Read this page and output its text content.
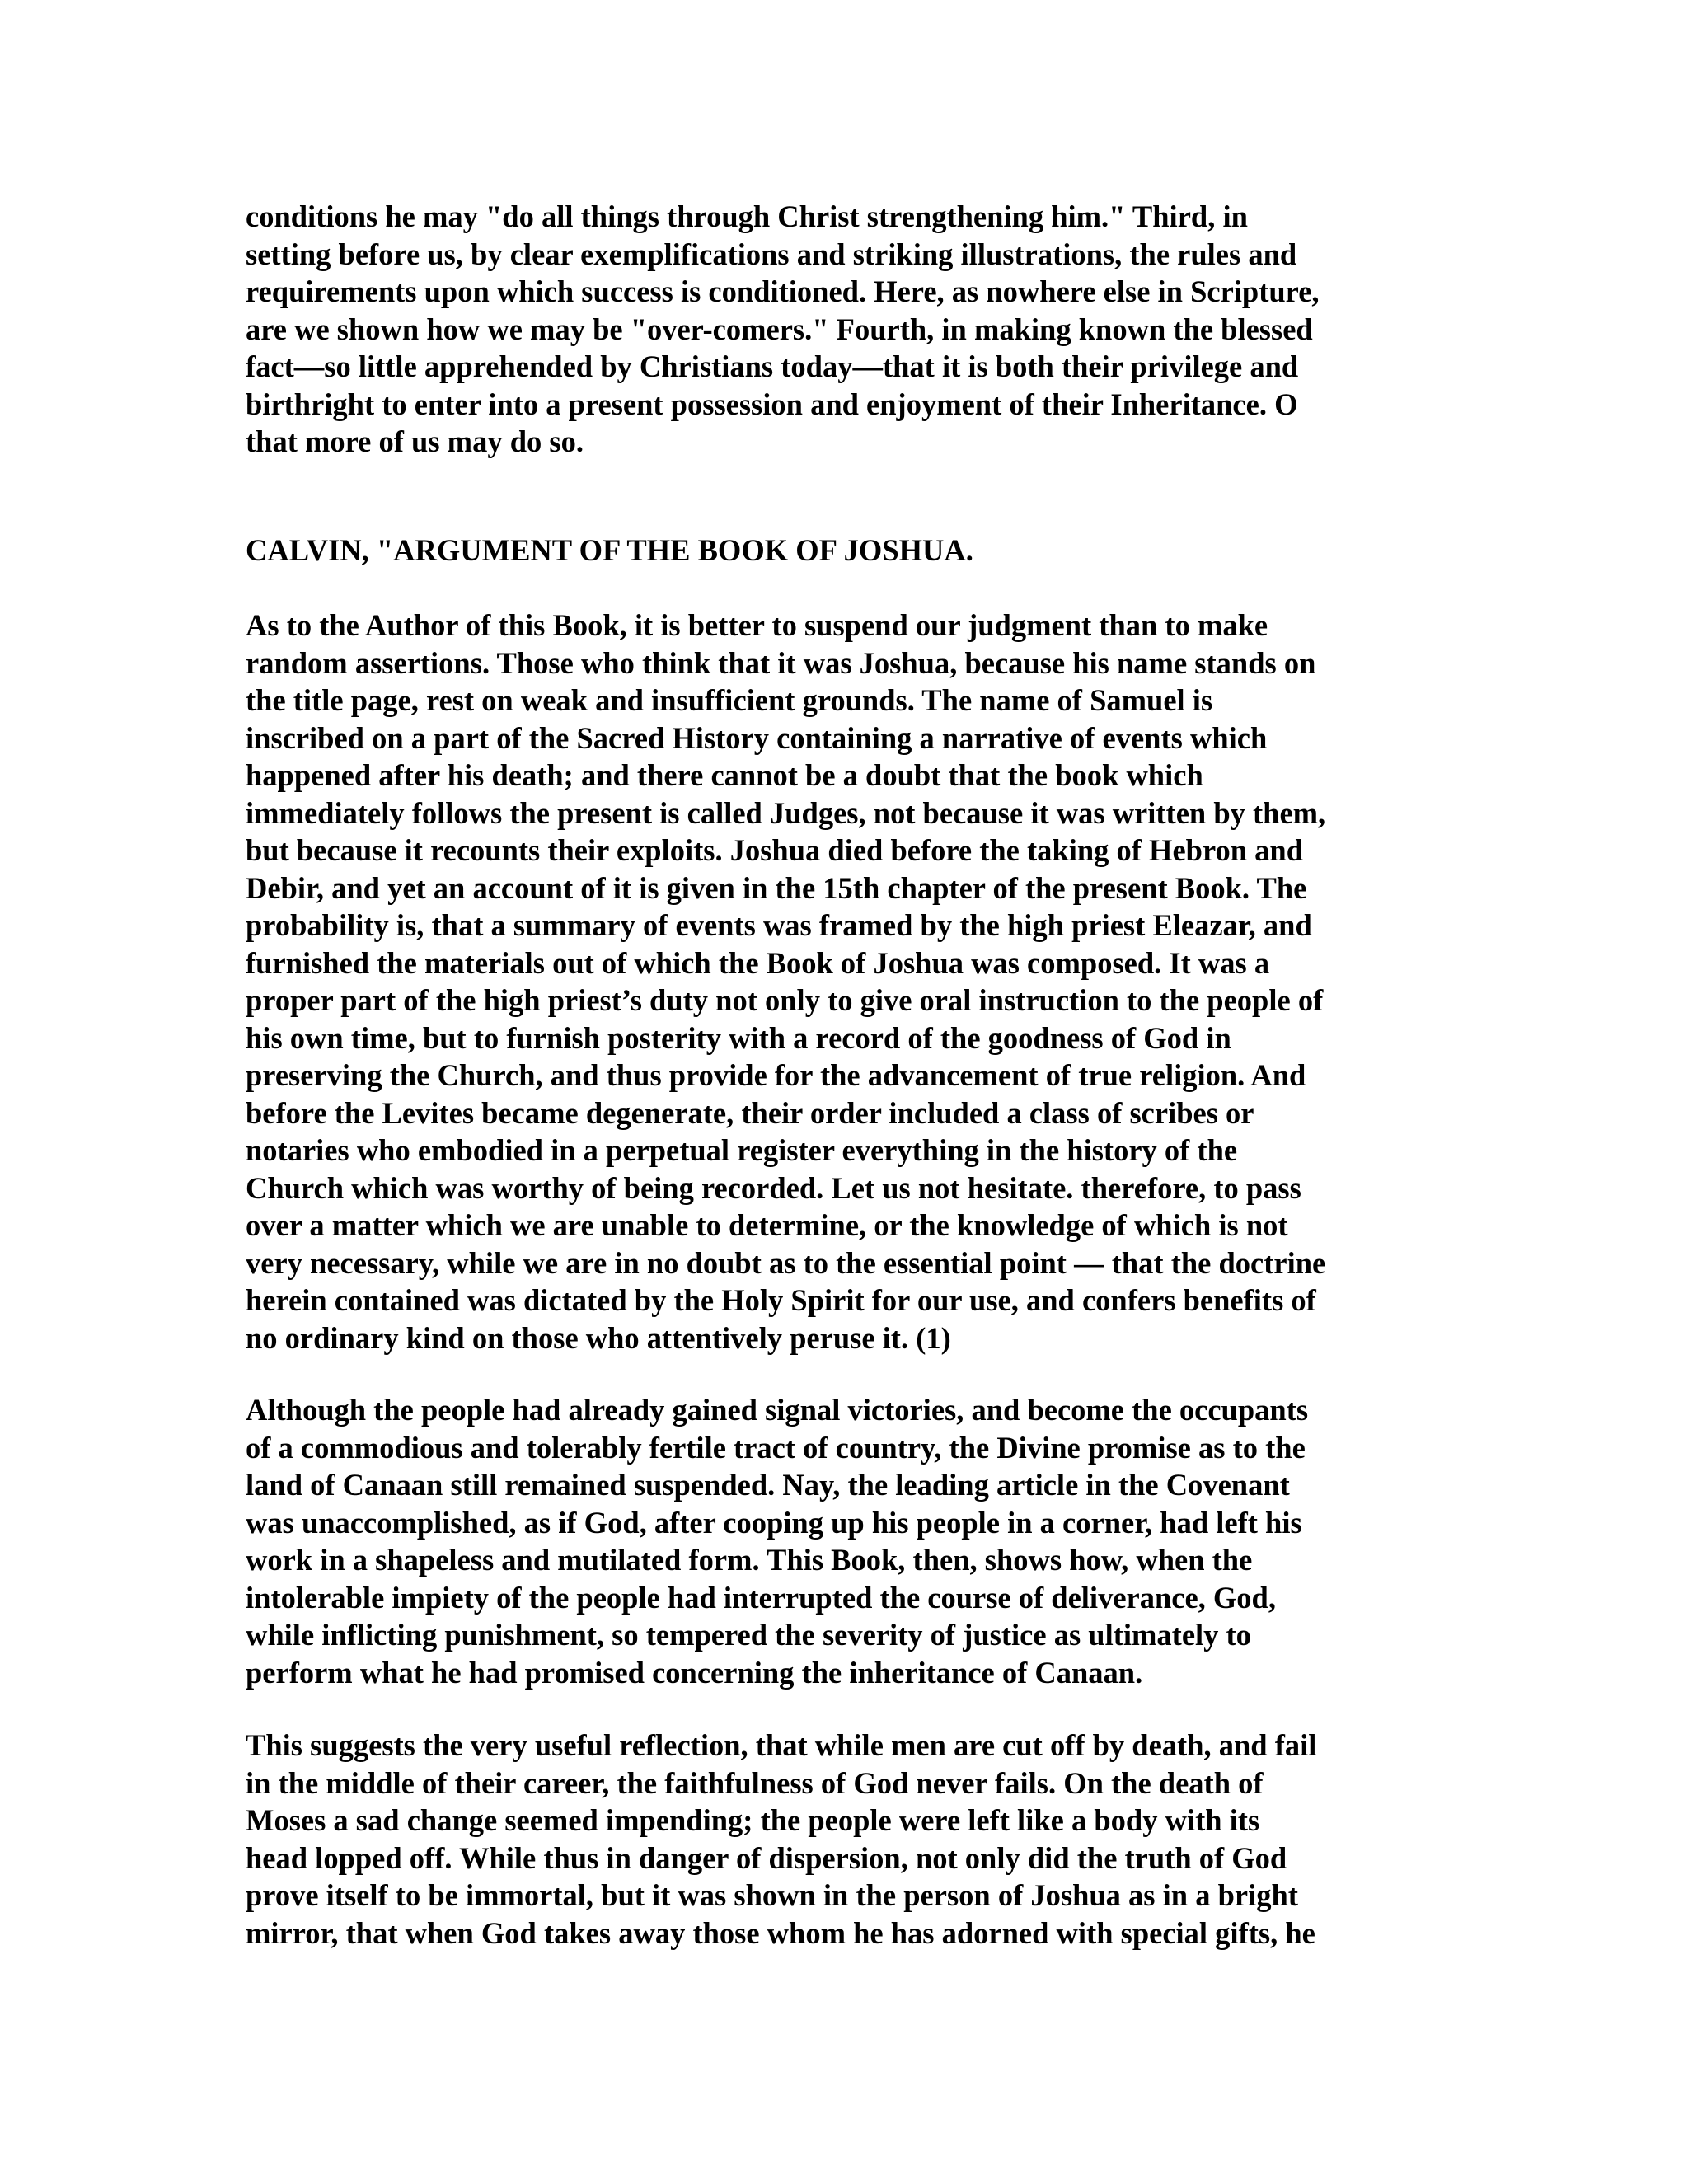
conditions he may "do all things through Christ strengthening him." Third, in
setting before us, by clear exemplifications and striking illustrations, the rules and
requirements upon which success is conditioned. Here, as nowhere else in Scripture,
are we shown how we may be "over-comers." Fourth, in making known the blessed
fact—so little apprehended by Christians today—that it is both their privilege and
birthright to enter into a present possession and enjoyment of their Inheritance. O
that more of us may do so.
CALVIN, "ARGUMENT OF THE BOOK OF JOSHUA.
As to the Author of this Book, it is better to suspend our judgment than to make
random assertions. Those who think that it was Joshua, because his name stands on
the title page, rest on weak and insufficient grounds. The name of Samuel is
inscribed on a part of the Sacred History containing a narrative of events which
happened after his death; and there cannot be a doubt that the book which
immediately follows the present is called Judges, not because it was written by them,
but because it recounts their exploits. Joshua died before the taking of Hebron and
Debir, and yet an account of it is given in the 15th chapter of the present Book. The
probability is, that a summary of events was framed by the high priest Eleazar, and
furnished the materials out of which the Book of Joshua was composed. It was a
proper part of the high priest’s duty not only to give oral instruction to the people of
his own time, but to furnish posterity with a record of the goodness of God in
preserving the Church, and thus provide for the advancement of true religion. And
before the Levites became degenerate, their order included a class of scribes or
notaries who embodied in a perpetual register everything in the history of the
Church which was worthy of being recorded. Let us not hesitate. therefore, to pass
over a matter which we are unable to determine, or the knowledge of which is not
very necessary, while we are in no doubt as to the essential point — that the doctrine
herein contained was dictated by the Holy Spirit for our use, and confers benefits of
no ordinary kind on those who attentively peruse it. (1)
Although the people had already gained signal victories, and become the occupants
of a commodious and tolerably fertile tract of country, the Divine promise as to the
land of Canaan still remained suspended. Nay, the leading article in the Covenant
was unaccomplished, as if God, after cooping up his people in a corner, had left his
work in a shapeless and mutilated form. This Book, then, shows how, when the
intolerable impiety of the people had interrupted the course of deliverance, God,
while inflicting punishment, so tempered the severity of justice as ultimately to
perform what he had promised concerning the inheritance of Canaan.
This suggests the very useful reflection, that while men are cut off by death, and fail
in the middle of their career, the faithfulness of God never fails. On the death of
Moses a sad change seemed impending; the people were left like a body with its
head lopped off. While thus in danger of dispersion, not only did the truth of God
prove itself to be immortal, but it was shown in the person of Joshua as in a bright
mirror, that when God takes away those whom he has adorned with special gifts, he
